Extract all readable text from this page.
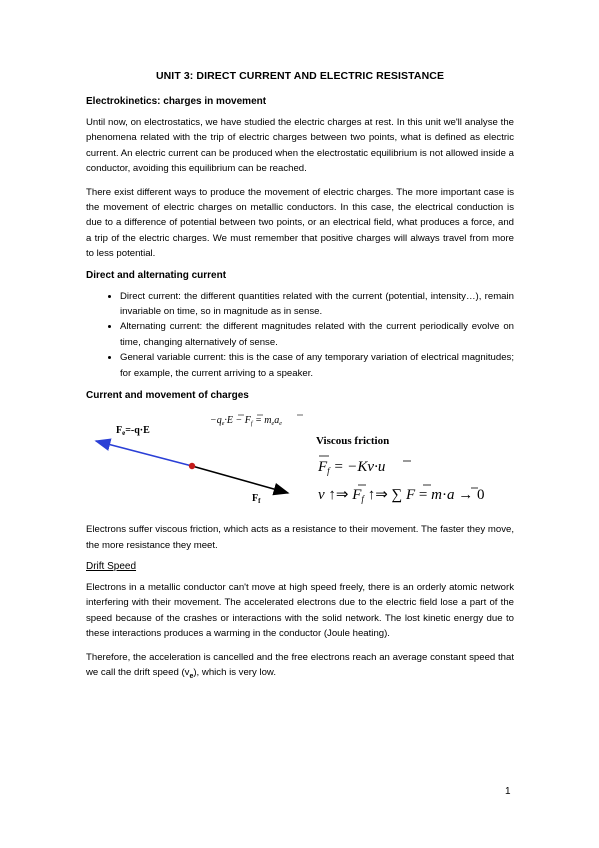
UNIT 3: DIRECT CURRENT AND ELECTRIC RESISTANCE
Electrokinetics: charges in movement

Until now, on electrostatics, we have studied the electric charges at rest. In this unit we'll analyse the phenomena related with the trip of electric charges between two points, what is defined as electric current. An electric current can be produced when the electrostatic equilibrium is not allowed inside a conductor, avoiding this equilibrium can be reached.

There exist different ways to produce the movement of electric charges. The more important case is the movement of electric charges on metallic conductors. In this case, the electrical conduction is due to a difference of potential between two points, or an electrical field, what produces a force, and a trip of the electric charges. We must remember that positive charges will always travel from more to less potential.

Direct and alternating current
• Direct current: the different quantities related with the current (potential, intensity…), remain invariable on time, so in magnitude as in sense.
• Alternating current: the different magnitudes related with the current periodically evolve on time, changing alternatively of sense.
• General variable current: this is the case of any temporary variation of electrical magnitudes; for example, the current arriving to a speaker.
Current and movement of charges
$F_e=-q\cdot E$
$F_f$
$-q_e\cdot E - F_f = m_ea_e$
Viscous friction
$F_f = -Kv\cdot u$
v ↑⇒ $F_f$ ↑⇒ ∑ F = m·a → 0

Electrons suffer viscous friction, which acts as a resistance to their movement. The faster they move, the more resistance they meet.

Drift Speed

Electrons in a metallic conductor can't move at high speed freely, there is an orderly atomic network interfering with their movement. The accelerated electrons due to the electric field lose a part of the speed because of the crashes or interactions with the solid network. The lost kinetic energy due to these interactions produces a warming in the conductor (Joule heating).

Therefore, the acceleration is cancelled and the free electrons reach an average constant speed that we call the drift speed $(v_e)$, which is very low.

1
